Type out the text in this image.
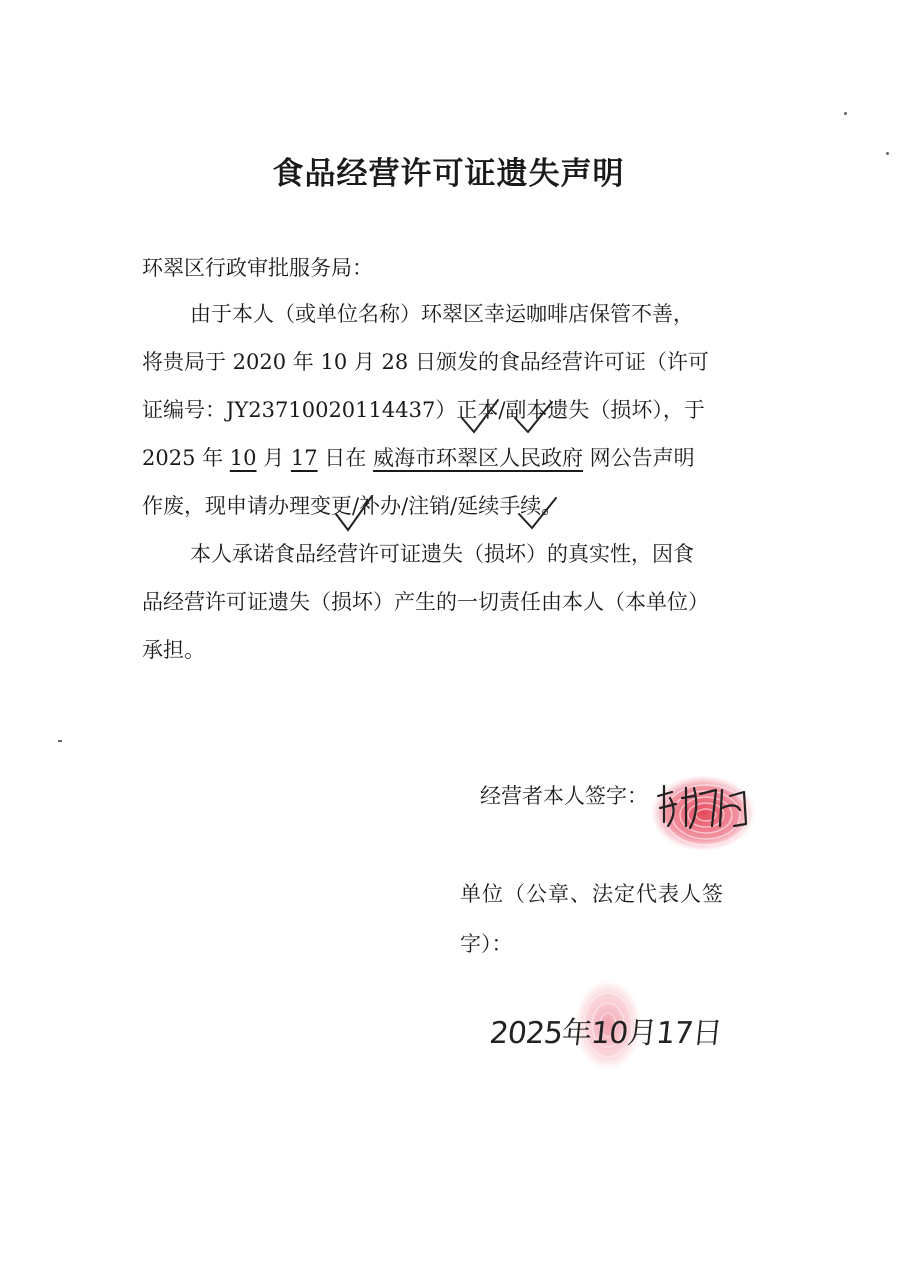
食品经营许可证遗失声明
环翠区行政审批服务局：
由于本人（或单位名称）环翠区幸运咖啡店保管不善，
将贵局于 2020 年 10 月 28 日颁发的食品经营许可证（许可
证编号：JY23710020114437）正本/副本遗失（损坏），于
2025 年 10 月 17 日在 威海市环翠区人民政府 网公告声明
作废，现申请办理变更/补办/注销/延续手续。
本人承诺食品经营许可证遗失（损坏）的真实性，因食
品经营许可证遗失（损坏）产生的一切责任由本人（本单位）
承担。
经营者本人签字：
单位（公章、法定代表人签
字）：
2025年10月17日
